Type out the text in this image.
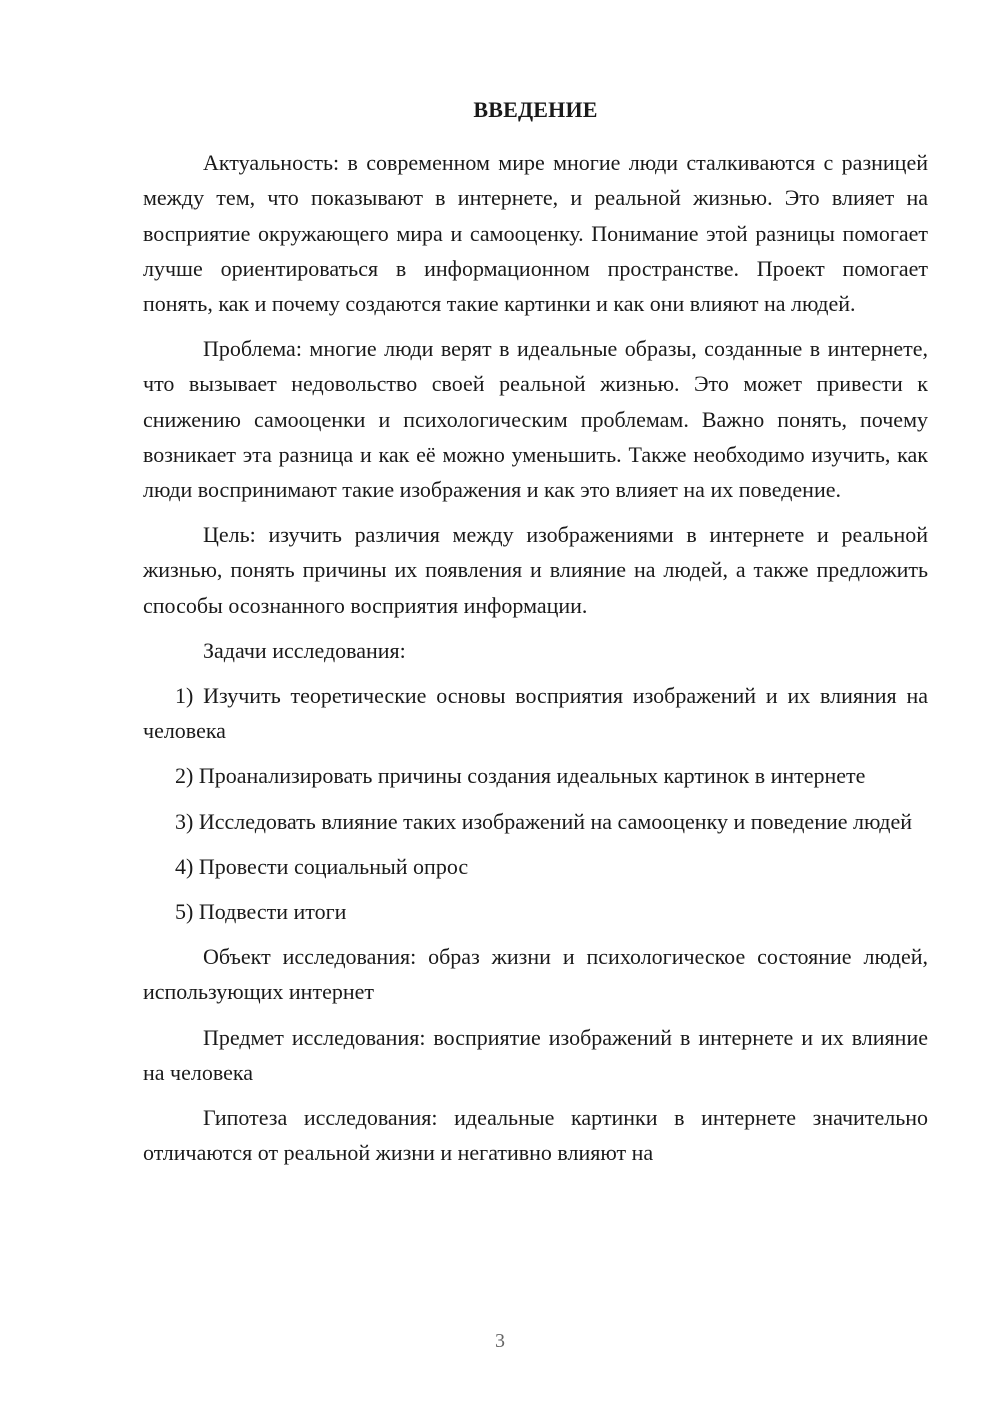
ВВЕДЕНИЕ

Актуальность: в современном мире многие люди сталкиваются с разницей между тем, что показывают в интернете, и реальной жизнью. Это влияет на восприятие окружающего мира и самооценку. Понимание этой разницы помогает лучше ориентироваться в информационном пространстве. Проект помогает понять, как и почему создаются такие картинки и как они влияют на людей.

Проблема: многие люди верят в идеальные образы, созданные в интернете, что вызывает недовольство своей реальной жизнью. Это может привести к снижению самооценки и психологическим проблемам. Важно понять, почему возникает эта разница и как её можно уменьшить. Также необходимо изучить, как люди воспринимают такие изображения и как это влияет на их поведение.

Цель: изучить различия между изображениями в интернете и реальной жизнью, понять причины их появления и влияние на людей, а также предложить способы осознанного восприятия информации.

Задачи исследования:

1) Изучить теоретические основы восприятия изображений и их влияния на человека

2) Проанализировать причины создания идеальных картинок в интернете

3) Исследовать влияние таких изображений на самооценку и поведение людей

4) Провести социальный опрос

5) Подвести итоги

Объект исследования: образ жизни и психологическое состояние людей, использующих интернет

Предмет исследования: восприятие изображений в интернете и их влияние на человека

Гипотеза исследования: идеальные картинки в интернете значительно отличаются от реальной жизни и негативно влияют на

3
